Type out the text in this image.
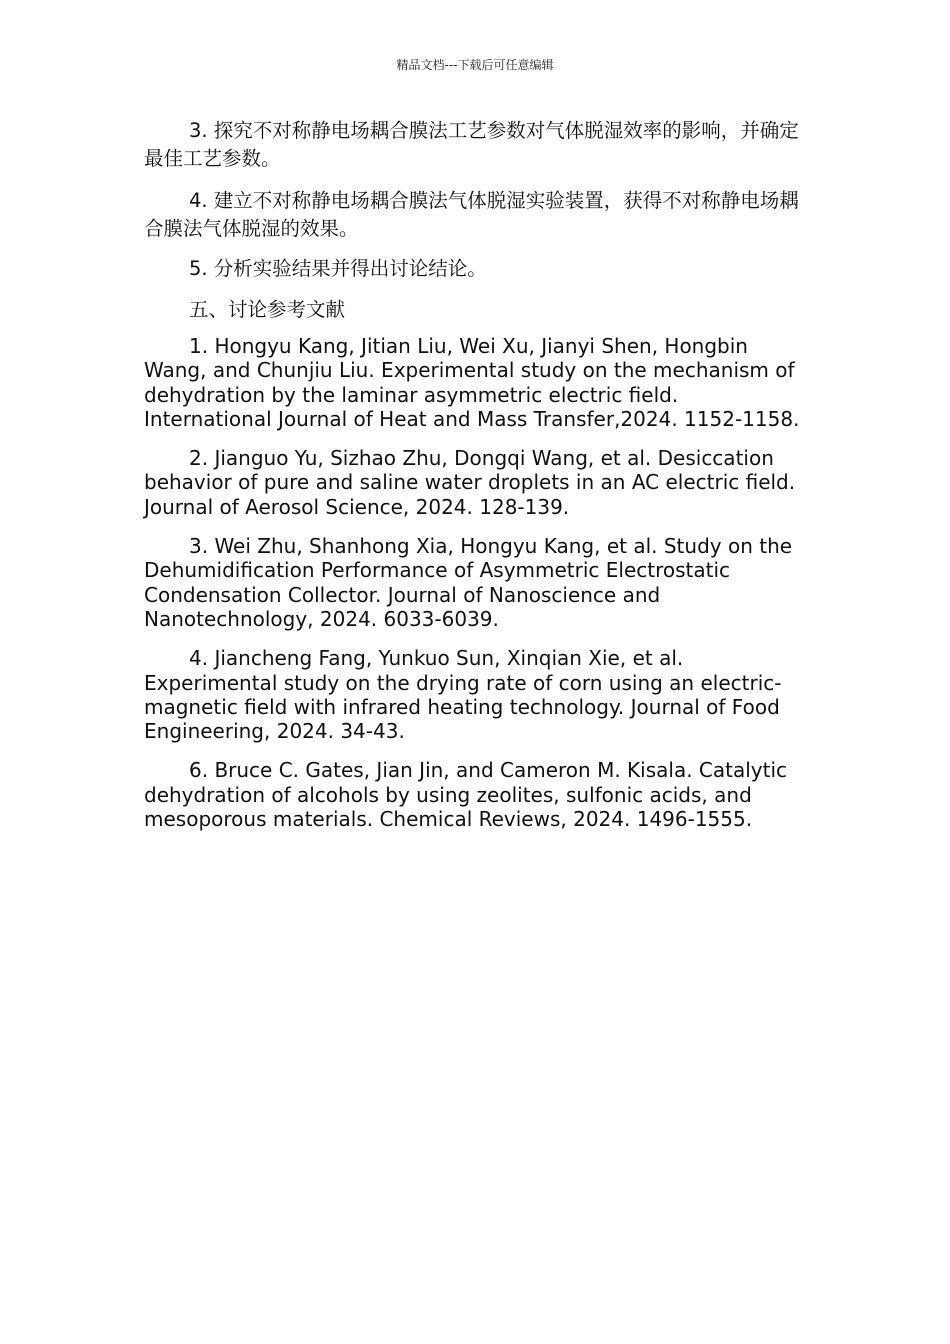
精品文档---下载后可任意编辑

3. 探究不对称静电场耦合膜法工艺参数对气体脱湿效率的影响，并确定最佳工艺参数。

4. 建立不对称静电场耦合膜法气体脱湿实验装置，获得不对称静电场耦合膜法气体脱湿的效果。

5. 分析实验结果并得出讨论结论。

五、讨论参考文献

1. Hongyu Kang, Jitian Liu, Wei Xu, Jianyi Shen, Hongbin Wang, and Chunjiu Liu. Experimental study on the mechanism of dehydration by the laminar asymmetric electric field. International Journal of Heat and Mass Transfer,2024. 1152-1158.

2. Jianguo Yu, Sizhao Zhu, Dongqi Wang, et al. Desiccation behavior of pure and saline water droplets in an AC electric field. Journal of Aerosol Science, 2024. 128-139.

3. Wei Zhu, Shanhong Xia, Hongyu Kang, et al. Study on the Dehumidification Performance of Asymmetric Electrostatic Condensation Collector. Journal of Nanoscience and Nanotechnology, 2024. 6033-6039.

4. Jiancheng Fang, Yunkuo Sun, Xinqian Xie, et al. Experimental study on the drying rate of corn using an electric-magnetic field with infrared heating technology. Journal of Food Engineering, 2024. 34-43.

6. Bruce C. Gates, Jian Jin, and Cameron M. Kisala. Catalytic dehydration of alcohols by using zeolites, sulfonic acids, and mesoporous materials. Chemical Reviews, 2024. 1496-1555.
